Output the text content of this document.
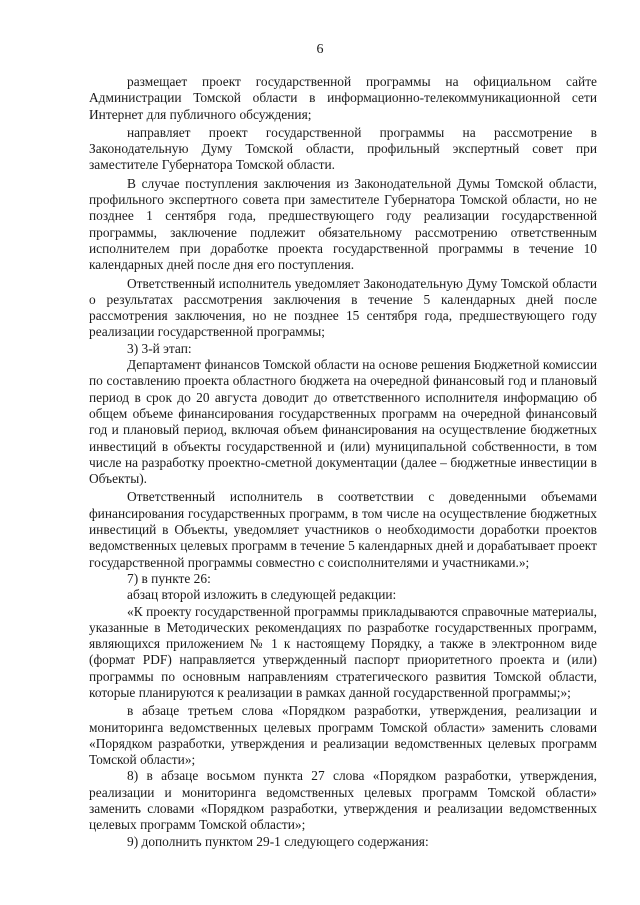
6

размещает проект государственной программы на официальном сайте Администрации Томской области в информационно-телекоммуникационной сети Интернет для публичного обсуждения;

направляет проект государственной программы на рассмотрение в Законодательную Думу Томской области, профильный экспертный совет при заместителе Губернатора Томской области.

В случае поступления заключения из Законодательной Думы Томской области, профильного экспертного совета при заместителе Губернатора Томской области, но не позднее 1 сентября года, предшествующего году реализации государственной программы, заключение подлежит обязательному рассмотрению ответственным исполнителем при доработке проекта государственной программы в течение 10 календарных дней после дня его поступления.

Ответственный исполнитель уведомляет Законодательную Думу Томской области о результатах рассмотрения заключения в течение 5 календарных дней после рассмотрения заключения, но не позднее 15 сентября года, предшествующего году реализации государственной программы;

3) 3-й этап:

Департамент финансов Томской области на основе решения Бюджетной комиссии по составлению проекта областного бюджета на очередной финансовый год и плановый период в срок до 20 августа доводит до ответственного исполнителя информацию об общем объеме финансирования государственных программ на очередной финансовый год и плановый период, включая объем финансирования на осуществление бюджетных инвестиций в объекты государственной и (или) муниципальной собственности, в том числе на разработку проектно-сметной документации (далее – бюджетные инвестиции в Объекты).

Ответственный исполнитель в соответствии с доведенными объемами финансирования государственных программ, в том числе на осуществление бюджетных инвестиций в Объекты, уведомляет участников о необходимости доработки проектов ведомственных целевых программ в течение 5 календарных дней и дорабатывает проект государственной программы совместно с соисполнителями и участниками.»;

7) в пункте 26:

абзац второй изложить в следующей редакции:

«К проекту государственной программы прикладываются справочные материалы, указанные в Методических рекомендациях по разработке государственных программ, являющихся приложением № 1 к настоящему Порядку, а также в электронном виде (формат PDF) направляется утвержденный паспорт приоритетного проекта и (или) программы по основным направлениям стратегического развития Томской области, которые планируются к реализации в рамках данной государственной программы;»;

в абзаце третьем слова «Порядком разработки, утверждения, реализации и мониторинга ведомственных целевых программ Томской области» заменить словами «Порядком разработки, утверждения и реализации ведомственных целевых программ Томской области»;

8) в абзаце восьмом пункта 27 слова «Порядком разработки, утверждения, реализации и мониторинга ведомственных целевых программ Томской области» заменить словами «Порядком разработки, утверждения и реализации ведомственных целевых программ Томской области»;

9) дополнить пунктом 29-1 следующего содержания:
